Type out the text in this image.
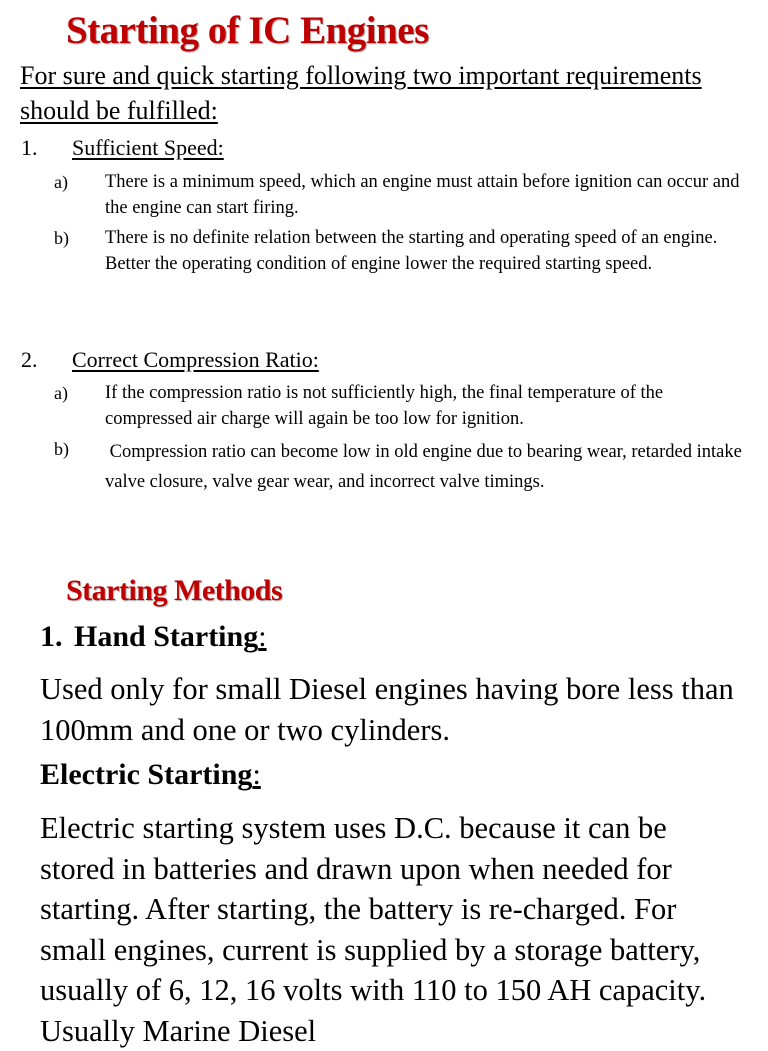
Starting of IC Engines
For sure and quick starting following two important requirements should be fulfilled:
1. Sufficient Speed:
a) There is a minimum speed, which an engine must attain before ignition can occur and the engine can start firing.
b) There is no definite relation between the starting and operating speed of an engine. Better the operating condition of engine lower the required starting speed.
2. Correct Compression Ratio:
a) If the compression ratio is not sufficiently high, the final temperature of the compressed air charge will again be too low for ignition.
b) Compression ratio can become low in old engine due to bearing wear, retarded intake valve closure, valve gear wear, and incorrect valve timings.
Starting Methods
1. Hand Starting:
Used only for small Diesel engines having bore less than 100mm and one or two cylinders.
Electric Starting:
Electric starting system uses D.C. because it can be stored in batteries and drawn upon when needed for starting. After starting, the battery is re-charged. For small engines, current is supplied by a storage battery, usually of 6, 12, 16 volts with 110 to 150 AH capacity. Usually Marine Diesel
